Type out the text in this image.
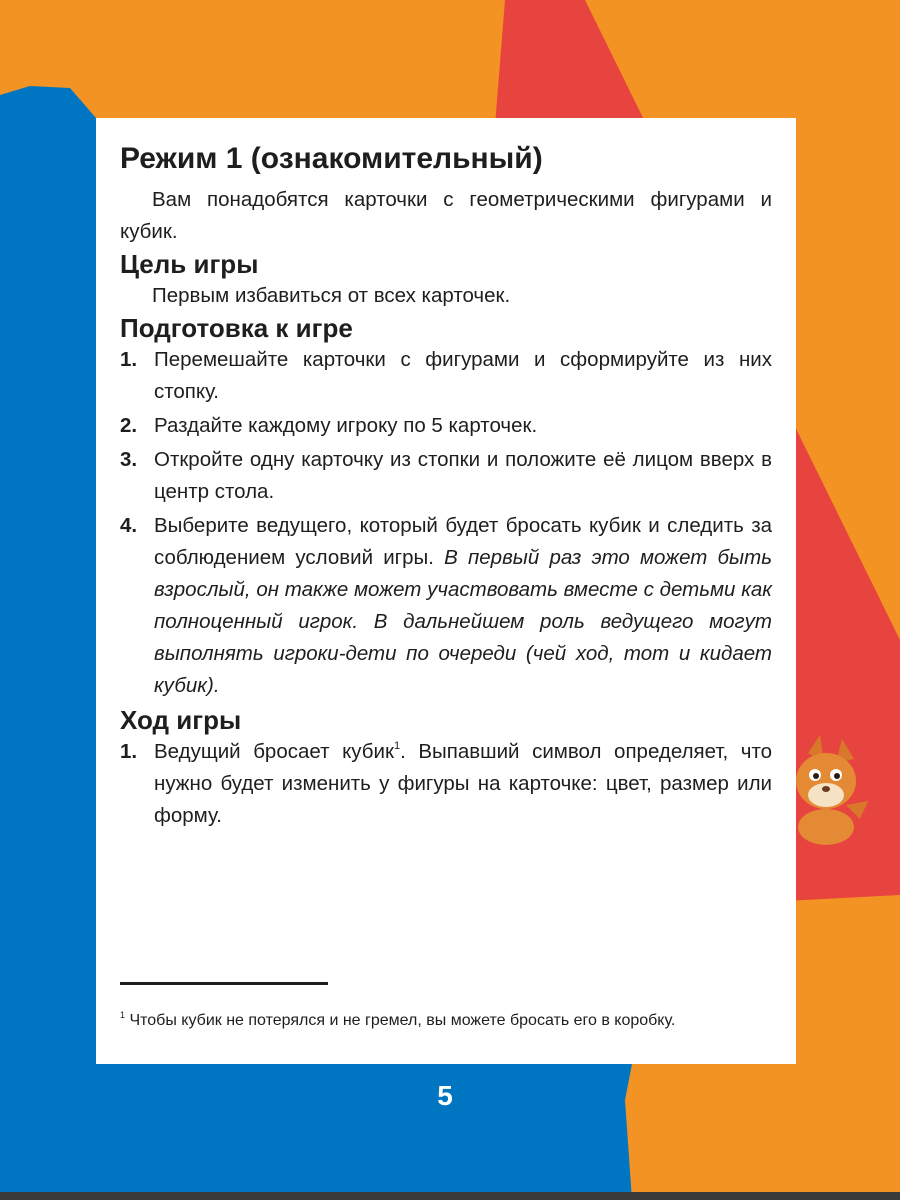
Режим 1 (ознакомительный)

Вам понадобятся карточки с геометрическими фигурами и кубик.

Цель игры

Первым избавиться от всех карточек.

Подготовка к игре
1. Перемешайте карточки с фигурами и сформируйте из них стопку.
2. Раздайте каждому игроку по 5 карточек.
3. Откройте одну карточку из стопки и положите её лицом вверх в центр стола.
4. Выберите ведущего, который будет бросать кубик и следить за соблюдением условий игры. В первый раз это может быть взрослый, он также может участвовать вместе с детьми как полноценный игрок. В дальнейшем роль ведущего могут выполнять игроки-дети по очереди (чей ход, тот и кидает кубик).
Ход игры
1. Ведущий бросает кубик$^1$. Выпавший символ определяет, что нужно будет изменить у фигуры на карточке: цвет, размер или форму.

$^1$ Чтобы кубик не потерялся и не гремел, вы можете бросать его в коробку.

5
